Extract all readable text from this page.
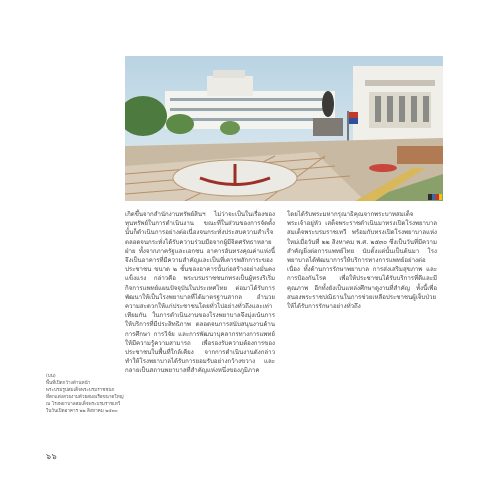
เกิดขึ้นจากสำนักงานทรัพย์สินฯ ไม่ว่าจะเป็นในเรื่องของทุนทรัพย์ในการดำเนินงาน ขณะที่ในส่วนของการจัดตั้งนั้นก็ดำเนินการอย่างต่อเนื่องจนกระทั่งประสบความสำเร็จ ตลอดจนกระทั่งได้รับความร่วมมือจากผู้มีจิตศรัทธาหลายฝ่าย ทั้งจากภาครัฐและเอกชน อาคารอันทรงคุณค่าแห่งนี้ จึงเป็นอาคารที่มีความสำคัญและเป็นที่เคารพสักการะของประชาชน ขนาด ๒ ชั้นของอาคารนั้นก่อสร้างอย่างมั่นคงแข็งแรง กล่าวคือ พระบรมราชชนกทรงเป็นผู้ทรงริเริ่มกิจการแพทย์แผนปัจจุบันในประเทศไทย ต่อมาได้รับการพัฒนาให้เป็นโรงพยาบาลที่ได้มาตรฐานสากล อำนวยความสะดวกให้แก่ประชาชนโดยทั่วไปอย่างทั่วถึงและเท่าเทียมกัน ในการดำเนินงานของโรงพยาบาลจึงมุ่งเน้นการให้บริการที่มีประสิทธิภาพ ตลอดจนการสนับสนุนงานด้านการศึกษา การวิจัย และการพัฒนาบุคลากรทางการแพทย์ให้มีความรู้ความสามารถ เพื่อรองรับความต้องการของประชาชนในพื้นที่ใกล้เคียง จากการดำเนินงานดังกล่าว ทำให้โรงพยาบาลได้รับการยอมรับอย่างกว้างขวาง และกลายเป็นสถานพยาบาลที่สำคัญแห่งหนึ่งของภูมิภาค

โดยได้รับพระมหากรุณาธิคุณจากพระบาทสมเด็จพระเจ้าอยู่หัว เสด็จพระราชดำเนินมาทรงเปิดโรงพยาบาลสมเด็จพระบรมราชเทวี พร้อมกับทรงเปิดโรงพยาบาลแห่งใหม่เมื่อวันที่ ๒๒ สิงหาคม พ.ศ. ๒๕๓๐ ซึ่งเป็นวันที่มีความสำคัญยิ่งต่อการแพทย์ไทย นับตั้งแต่นั้นเป็นต้นมา โรงพยาบาลได้พัฒนาการให้บริการทางการแพทย์อย่างต่อเนื่อง ทั้งด้านการรักษาพยาบาล การส่งเสริมสุขภาพ และการป้องกันโรค เพื่อให้ประชาชนได้รับบริการที่ดีและมีคุณภาพ อีกทั้งยังเป็นแหล่งศึกษาดูงานที่สำคัญ ทั้งนี้เพื่อสนองพระราชปณิธานในการช่วยเหลือประชาชนผู้เจ็บป่วยให้ได้รับการรักษาอย่างทั่วถึง

(บน)
พื้นที่เปิดกว้างด้านหน้า
พระบรมรูปสมเด็จพระบรมราชชนก
ที่ตกแต่งสวยงามด้วยสมอเรือขนาดใหญ่
ณ โรงพยาบาลสมเด็จพระบรมราชเทวี
ในวันเปิดอาคาร ๒๒ สิงหาคม ๒๕๓๐
๖๖
